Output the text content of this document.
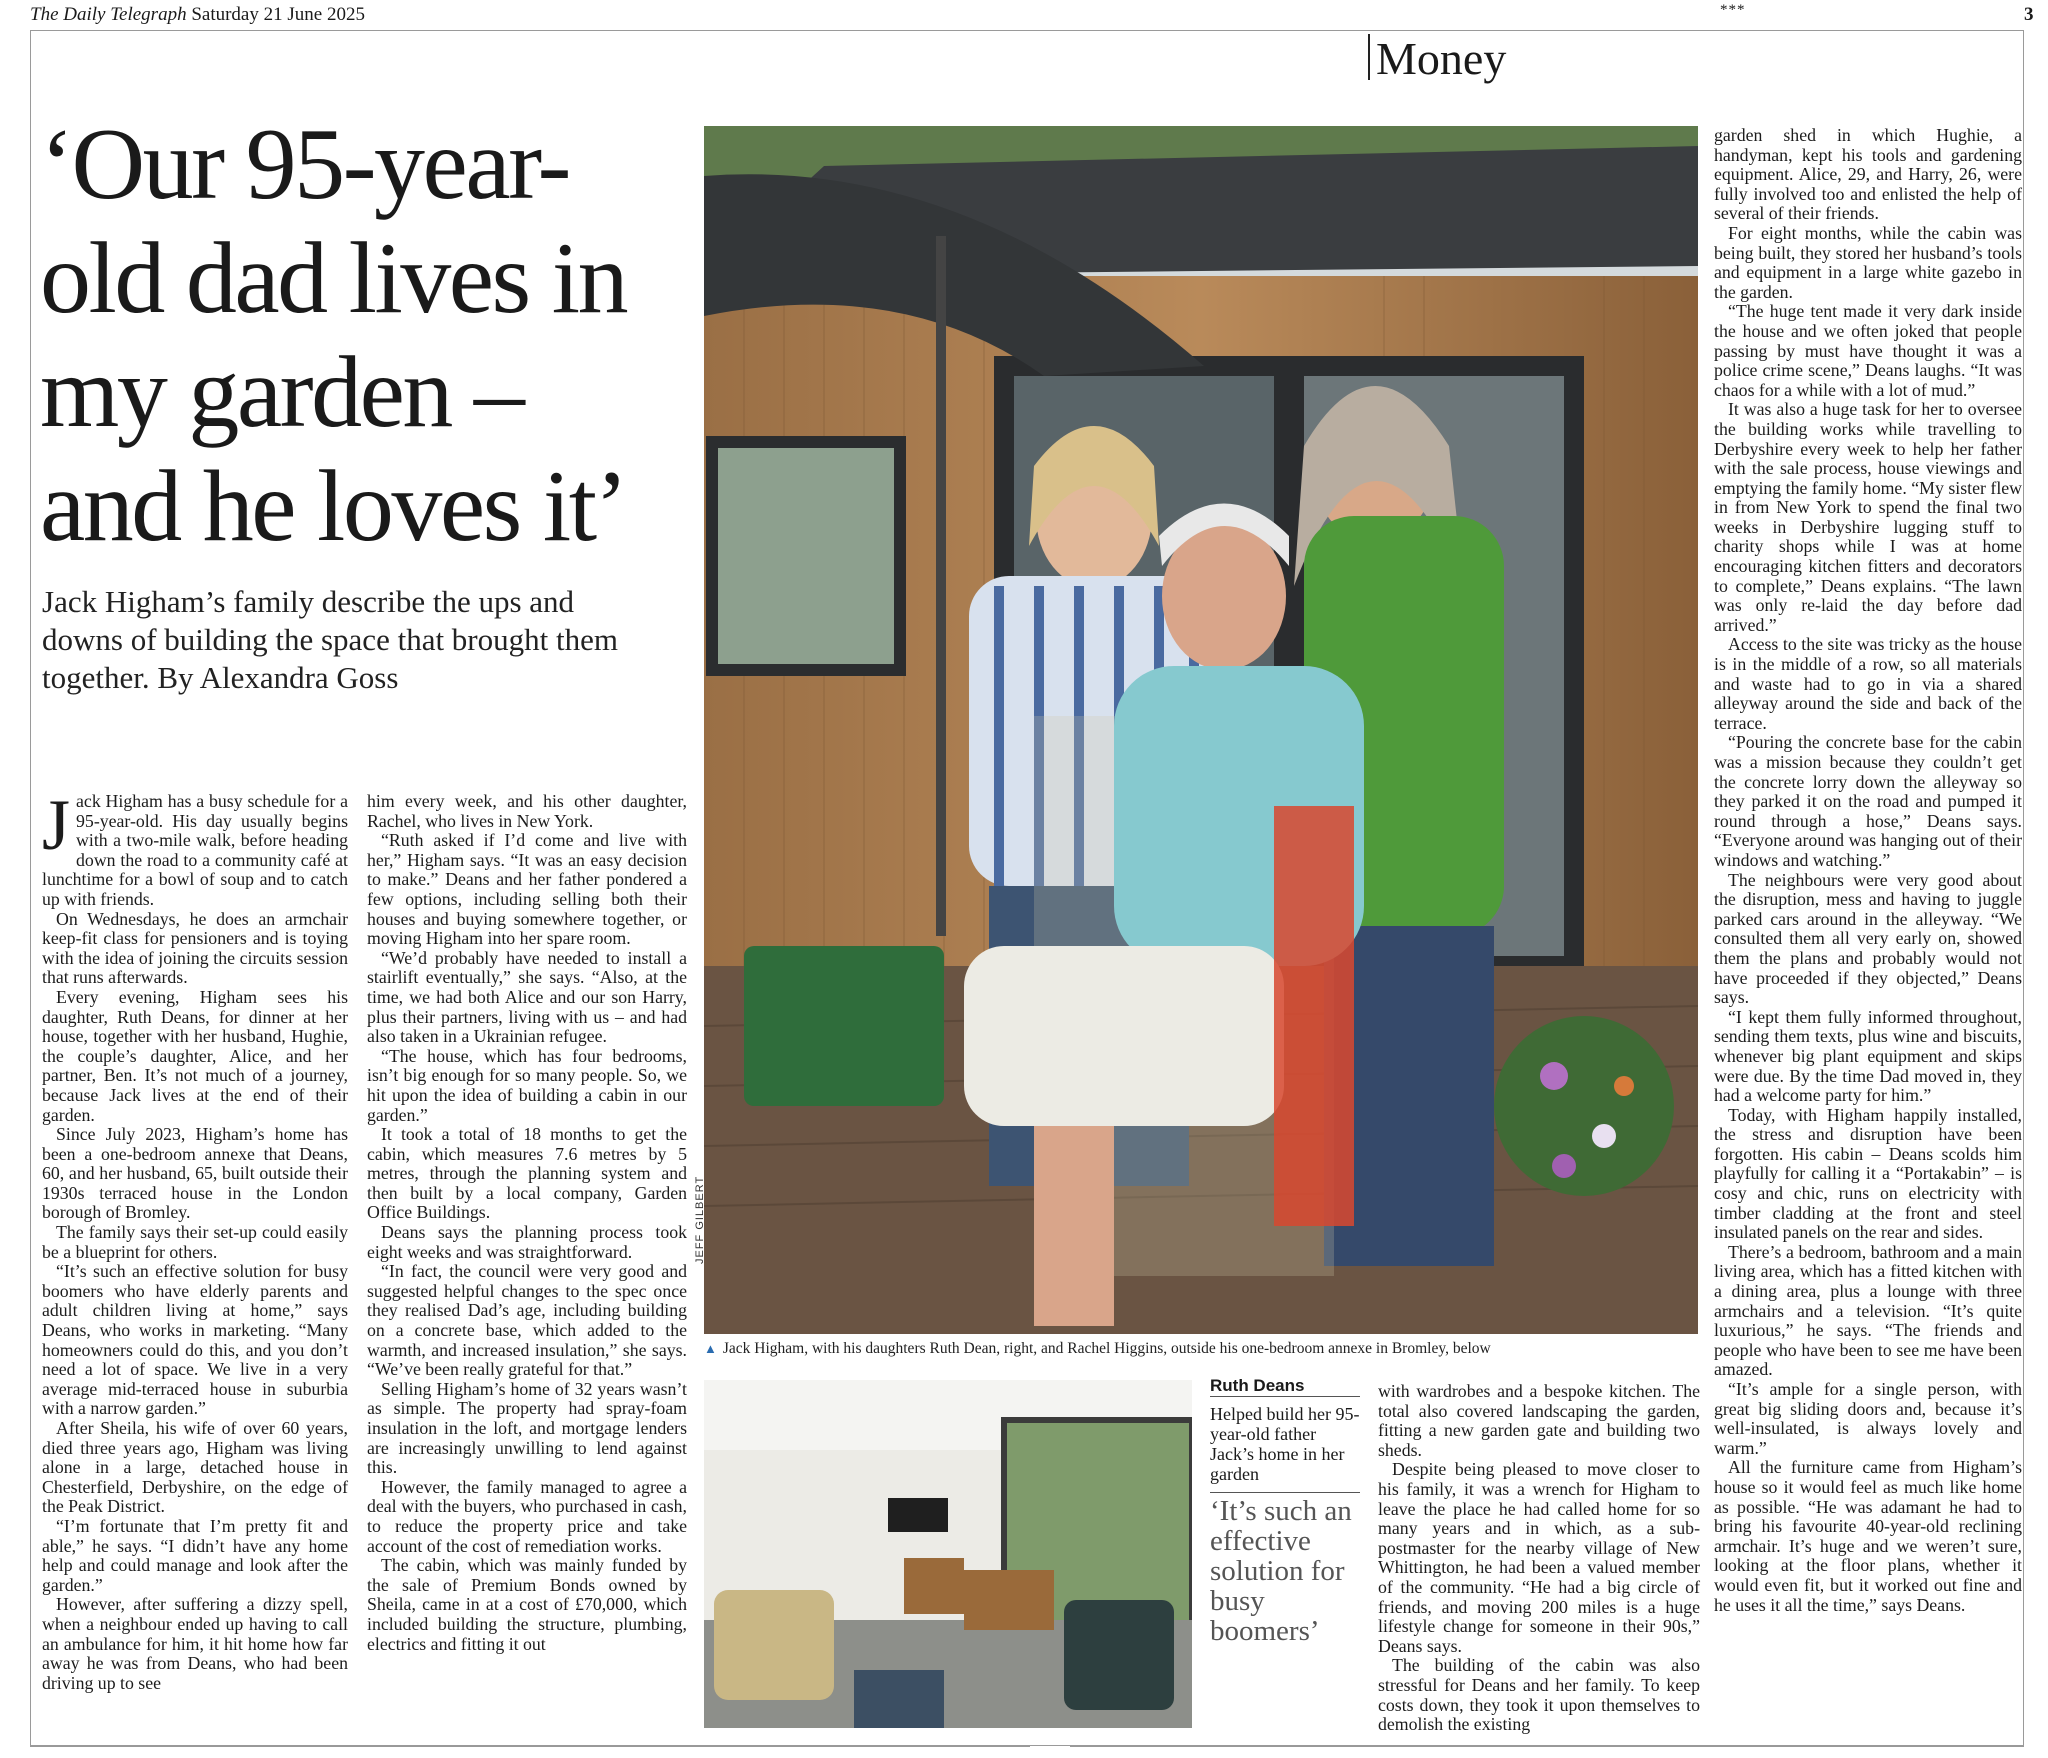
The Daily Telegraph Saturday 21 June 2025	***	3
Money
‘Our 95-year-old dad lives in my garden – and he loves it’
Jack Higham’s family describe the ups and downs of building the space that brought them together. By Alexandra Goss

Jack Higham has a busy schedule for a 95-year-old. His day usually begins with a two-mile walk, before heading down the road to a community café at lunchtime for a bowl of soup and to catch up with friends.

On Wednesdays, he does an armchair keep-fit class for pensioners and is toying with the idea of joining the circuits session that runs afterwards.

Every evening, Higham sees his daughter, Ruth Deans, for dinner at her house, together with her husband, Hughie, the couple’s daughter, Alice, and her partner, Ben. It’s not much of a journey, because Jack lives at the end of their garden.

Since July 2023, Higham’s home has been a one-bedroom annexe that Deans, 60, and her husband, 65, built outside their 1930s terraced house in the London borough of Bromley.

The family says their set-up could easily be a blueprint for others.

“It’s such an effective solution for busy boomers who have elderly parents and adult children living at home,” says Deans, who works in marketing. “Many homeowners could do this, and you don’t need a lot of space. We live in a very average mid-terraced house in suburbia with a narrow garden.”

After Sheila, his wife of over 60 years, died three years ago, Higham was living alone in a large, detached house in Chesterfield, Derbyshire, on the edge of the Peak District.

“I’m fortunate that I’m pretty fit and able,” he says. “I didn’t have any home help and could manage and look after the garden.”

However, after suffering a dizzy spell, when a neighbour ended up having to call an ambulance for him, it hit home how far away he was from Deans, who had been driving up to see

him every week, and his other daughter, Rachel, who lives in New York.

“Ruth asked if I’d come and live with her,” Higham says. “It was an easy decision to make.” Deans and her father pondered a few options, including selling both their houses and buying somewhere together, or moving Higham into her spare room.

“We’d probably have needed to install a stairlift eventually,” she says. “Also, at the time, we had both Alice and our son Harry, plus their partners, living with us – and had also taken in a Ukrainian refugee.

“The house, which has four bedrooms, isn’t big enough for so many people. So, we hit upon the idea of building a cabin in our garden.”

It took a total of 18 months to get the cabin, which measures 7.6 metres by 5 metres, through the planning system and then built by a local company, Garden Office Buildings.

Deans says the planning process took eight weeks and was straightforward.

“In fact, the council were very good and suggested helpful changes to the spec once they realised Dad’s age, including building on a concrete base, which added to the warmth, and increased insulation,” she says. “We’ve been really grateful for that.”

Selling Higham’s home of 32 years wasn’t as simple. The property had spray-foam insulation in the loft, and mortgage lenders are increasingly unwilling to lend against this.

However, the family managed to agree a deal with the buyers, who purchased in cash, to reduce the property price and take account of the cost of remediation works.

The cabin, which was mainly funded by the sale of Premium Bonds owned by Sheila, came in at a cost of £70,000, which included building the structure, plumbing, electrics and fitting it out

JEFF GILBERT
▲ Jack Higham, with his daughters Ruth Dean, right, and Rachel Higgins, outside his one-bedroom annexe in Bromley, below
Ruth Deans
Helped build her 95-year-old father Jack’s home in her garden
‘It’s such an effective solution for busy boomers’

with wardrobes and a bespoke kitchen. The total also covered landscaping the garden, fitting a new garden gate and building two sheds.

Despite being pleased to move closer to his family, it was a wrench for Higham to leave the place he had called home for so many years and in which, as a sub-postmaster for the nearby village of New Whittington, he had been a valued member of the community. “He had a big circle of friends, and moving 200 miles is a huge lifestyle change for someone in their 90s,” Deans says.

The building of the cabin was also stressful for Deans and her family. To keep costs down, they took it upon themselves to demolish the existing

garden shed in which Hughie, a handyman, kept his tools and gardening equipment. Alice, 29, and Harry, 26, were fully involved too and enlisted the help of several of their friends.

For eight months, while the cabin was being built, they stored her husband’s tools and equipment in a large white gazebo in the garden.

“The huge tent made it very dark inside the house and we often joked that people passing by must have thought it was a police crime scene,” Deans laughs. “It was chaos for a while with a lot of mud.”

It was also a huge task for her to oversee the building works while travelling to Derbyshire every week to help her father with the sale process, house viewings and emptying the family home. “My sister flew in from New York to spend the final two weeks in Derbyshire lugging stuff to charity shops while I was at home encouraging kitchen fitters and decorators to complete,” Deans explains. “The lawn was only re-laid the day before dad arrived.”

Access to the site was tricky as the house is in the middle of a row, so all materials and waste had to go in via a shared alleyway around the side and back of the terrace.

“Pouring the concrete base for the cabin was a mission because they couldn’t get the concrete lorry down the alleyway so they parked it on the road and pumped it round through a hose,” Deans says. “Everyone around was hanging out of their windows and watching.”

The neighbours were very good about the disruption, mess and having to juggle parked cars around in the alleyway. “We consulted them all very early on, showed them the plans and probably would not have proceeded if they objected,” Deans says.

“I kept them fully informed throughout, sending them texts, plus wine and biscuits, whenever big plant equipment and skips were due. By the time Dad moved in, they had a welcome party for him.”

Today, with Higham happily installed, the stress and disruption have been forgotten. His cabin – Deans scolds him playfully for calling it a “Portakabin” – is cosy and chic, runs on electricity with timber cladding at the front and steel insulated panels on the rear and sides.

There’s a bedroom, bathroom and a main living area, which has a fitted kitchen with a dining area, plus a lounge with three armchairs and a television. “It’s quite luxurious,” he says. “The friends and people who have been to see me have been amazed.

“It’s ample for a single person, with great big sliding doors and, because it’s well-insulated, is always lovely and warm.”

All the furniture came from Higham’s house so it would feel as much like home as possible. “He was adamant he had to bring his favourite 40-year-old reclining armchair. It’s huge and we weren’t sure, looking at the floor plans, whether it would even fit, but it worked out fine and he uses it all the time,” says Deans.
